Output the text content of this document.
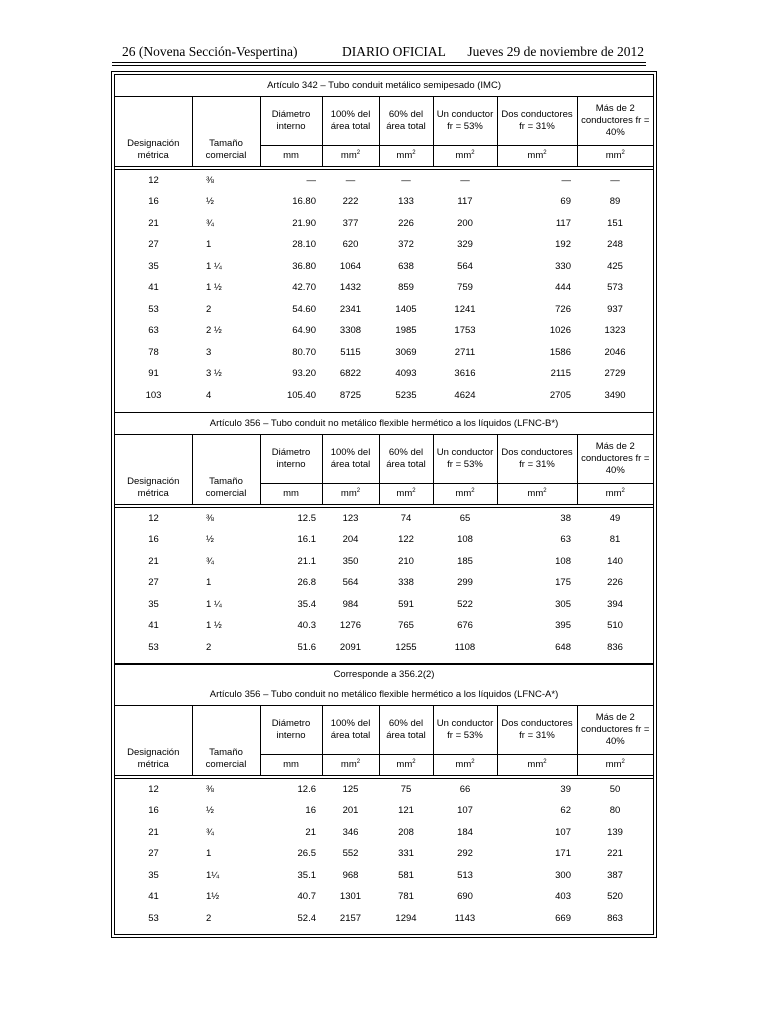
26 (Novena Sección-Vespertina)	DIARIO OFICIAL Jueves 29 de noviembre de 2012
Artículo 342 – Tubo conduit metálico semipesado (IMC)							
Designación métrica	Tamaño comercial	Diámetro interno	100% del área total	60% del área total	Un conductor fr = 53%	Dos conductores fr = 31%	Más de 2 conductores fr = 40%
		mm	$mm^2$	$mm^2$	$mm^2$	$mm^2$	$mm^2$

12	⅜	—	—	—	—	—	—
16	½	16.80	222	133	117	69	89
21	¾	21.90	377	226	200	117	151
27	1	28.10	620	372	329	192	248
35	1 ¼	36.80	1064	638	564	330	425
41	1 ½	42.70	1432	859	759	444	573
53	2	54.60	2341	1405	1241	726	937
63	2 ½	64.90	3308	1985	1753	1026	1323
78	3	80.70	5115	3069	2711	1586	2046
91	3 ½	93.20	6822	4093	3616	2115	2729
103	4	105.40	8725	5235	4624	2705	3490
Artículo 356 – Tubo conduit no metálico flexible hermético a los líquidos (LFNC-B*)							
Designación métrica	Tamaño comercial	Diámetro interno	100% del área total	60% del área total	Un conductor fr = 53%	Dos conductores fr = 31%	Más de 2 conductores fr = 40%
		mm	$mm^2$	$mm^2$	$mm^2$	$mm^2$	$mm^2$

12	⅜	12.5	123	74	65	38	49
16	½	16.1	204	122	108	63	81
21	¾	21.1	350	210	185	108	140
27	1	26.8	564	338	299	175	226
35	1 ¼	35.4	984	591	522	305	394
41	1 ½	40.3	1276	765	676	395	510
53	2	51.6	2091	1255	1108	648	836
Corresponde a 356.2(2)							
Artículo 356 – Tubo conduit no metálico flexible hermético a los líquidos (LFNC-A*)							
Designación métrica	Tamaño comercial	Diámetro interno	100% del área total	60% del área total	Un conductor fr = 53%	Dos conductores fr = 31%	Más de 2 conductores fr = 40%
		mm	$mm^2$	$mm^2$	$mm^2$	$mm^2$	$mm^2$

12	⅜	12.6	125	75	66	39	50
16	½	16	201	121	107	62	80
21	¾	21	346	208	184	107	139
27	1	26.5	552	331	292	171	221
35	1¼	35.1	968	581	513	300	387
41	1½	40.7	1301	781	690	403	520
53	2	52.4	2157	1294	1143	669	863
